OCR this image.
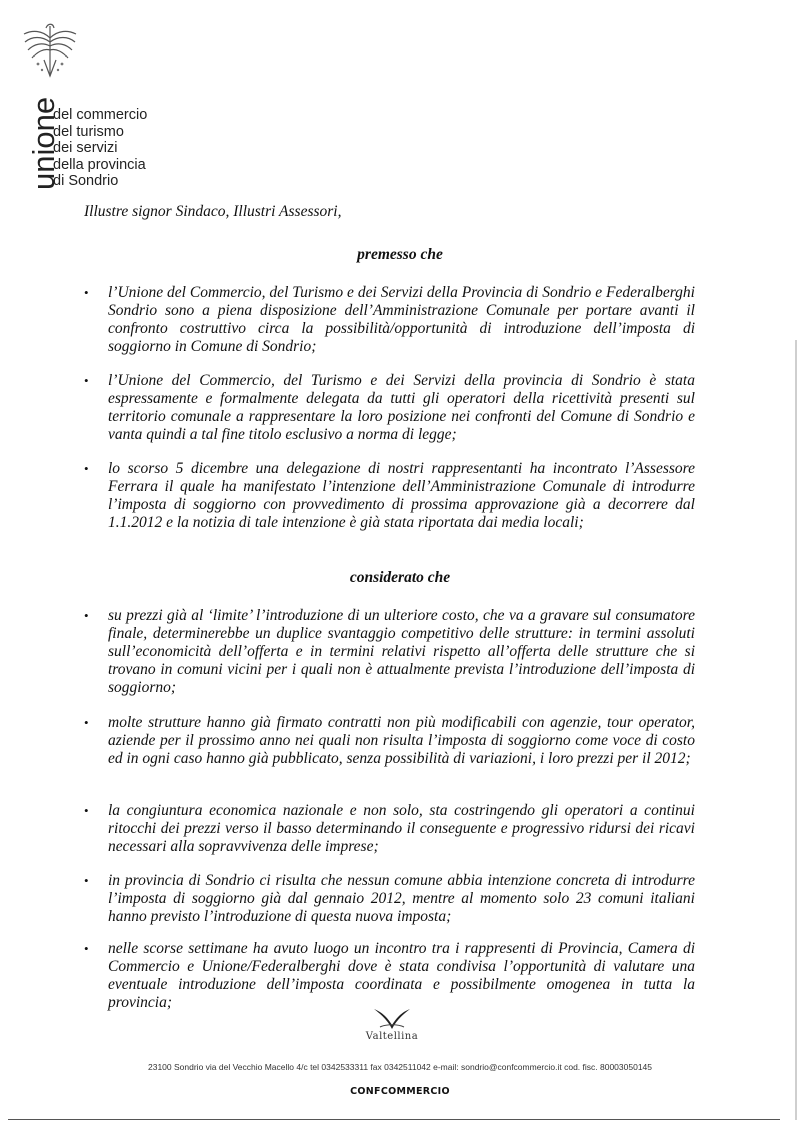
unione
del commercio
del turismo
dei servizi
della provincia
di Sondrio
Illustre signor Sindaco, Illustri Assessori,
premesso che
• l’Unione del Commercio, del Turismo e dei Servizi della Provincia di Sondrio e Federalberghi Sondrio sono a piena disposizione dell’Amministrazione Comunale per portare avanti il confronto costruttivo circa la possibilità/opportunità di introduzione dell’imposta di soggiorno in Comune di Sondrio;
• l’Unione del Commercio, del Turismo e dei Servizi della provincia di Sondrio è stata espressamente e formalmente delegata da tutti gli operatori della ricettività presenti sul territorio comunale a rappresentare la loro posizione nei confronti del Comune di Sondrio e vanta quindi a tal fine titolo esclusivo a norma di legge;
• lo scorso 5 dicembre una delegazione di nostri rappresentanti ha incontrato l’Assessore Ferrara il quale ha manifestato l’intenzione dell’Amministrazione Comunale di introdurre l’imposta di soggiorno con provvedimento di prossima approvazione già a decorrere dal 1.1.2012 e la notizia di tale intenzione è già stata riportata dai media locali;
considerato che
• su prezzi già al ‘limite’ l’introduzione di un ulteriore costo, che va a gravare sul consumatore finale, determinerebbe un duplice svantaggio competitivo delle strutture: in termini assoluti sull’economicità dell’offerta e in termini relativi rispetto all’offerta delle strutture che si trovano in comuni vicini per i quali non è attualmente prevista l’introduzione dell’imposta di soggiorno;
• molte strutture hanno già firmato contratti non più modificabili con agenzie, tour operator, aziende per il prossimo anno nei quali non risulta l’imposta di soggiorno come voce di costo ed in ogni caso hanno già pubblicato, senza possibilità di variazioni, i loro prezzi per il 2012;
• la congiuntura economica nazionale e non solo, sta costringendo gli operatori a continui ritocchi dei prezzi verso il basso determinando il conseguente e progressivo ridursi dei ricavi necessari alla sopravvivenza delle imprese;
• in provincia di Sondrio ci risulta che nessun comune abbia intenzione concreta di introdurre l’imposta di soggiorno già dal gennaio 2012, mentre al momento solo 23 comuni italiani hanno previsto l’introduzione di questa nuova imposta;
• nelle scorse settimane ha avuto luogo un incontro tra i rappresenti di Provincia, Camera di Commercio e Unione/Federalberghi dove è stata condivisa l’opportunità di valutare una eventuale introduzione dell’imposta coordinata e possibilmente omogenea in tutta la provincia;
Valtellina
23100 Sondrio via del Vecchio Macello 4/c tel 0342533311 fax 0342511042 e-mail: sondrio@confcommercio.it cod. fisc. 80003050145
CONFCOMMERCIO
